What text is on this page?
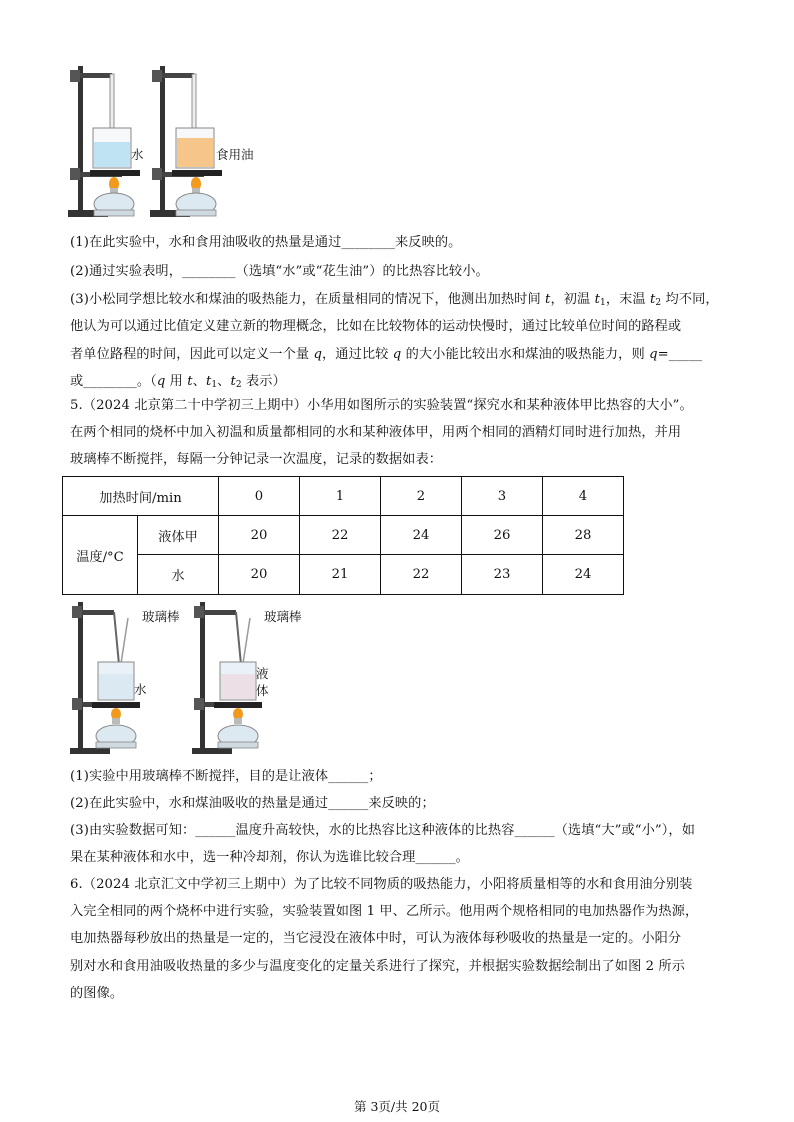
水	食用油
(1)在此实验中，水和食用油吸收的热量是通过________来反映的。
(2)通过实验表明，________（选填“水”或“花生油”）的比热容比较小。
(3)小松同学想比较水和煤油的吸热能力，在质量相同的情况下，他测出加热时间 t，初温 $t_1$，末温 $t_2$ 均不同，
他认为可以通过比值定义建立新的物理概念，比如在比较物体的运动快慢时，通过比较单位时间的路程或
者单位路程的时间，因此可以定义一个量 q，通过比较 q 的大小能比较出水和煤油的吸热能力，则 q=_____
或________。（q 用 t、$t_1$、$t_2$ 表示）
5.（2024 北京第二十中学初三上期中）小华用如图所示的实验装置“探究水和某种液体甲比热容的大小”。
在两个相同的烧杯中加入初温和质量都相同的水和某种液体甲，用两个相同的酒精灯同时进行加热，并用
玻璃棒不断搅拌，每隔一分钟记录一次温度，记录的数据如表：
加热时间/min		0	1	2	3	4
温度/°C	液体甲	20	22	24	26	28
	水	20	21	22	23	24
玻璃棒
水
玻璃棒
液
体
(1)实验中用玻璃棒不断搅拌，目的是让液体______；
(2)在此实验中，水和煤油吸收的热量是通过______来反映的；
(3)由实验数据可知：______温度升高较快，水的比热容比这种液体的比热容______（选填“大”或“小”），如
果在某种液体和水中，选一种冷却剂，你认为选谁比较合理______。
6.（2024 北京汇文中学初三上期中）为了比较不同物质的吸热能力，小阳将质量相等的水和食用油分别装
入完全相同的两个烧杯中进行实验，实验装置如图 1 甲、乙所示。他用两个规格相同的电加热器作为热源，
电加热器每秒放出的热量是一定的，当它浸没在液体中时，可认为液体每秒吸收的热量是一定的。小阳分
别对水和食用油吸收热量的多少与温度变化的定量关系进行了探究，并根据实验数据绘制出了如图 2 所示
的图像。
第 3页/共 20页
